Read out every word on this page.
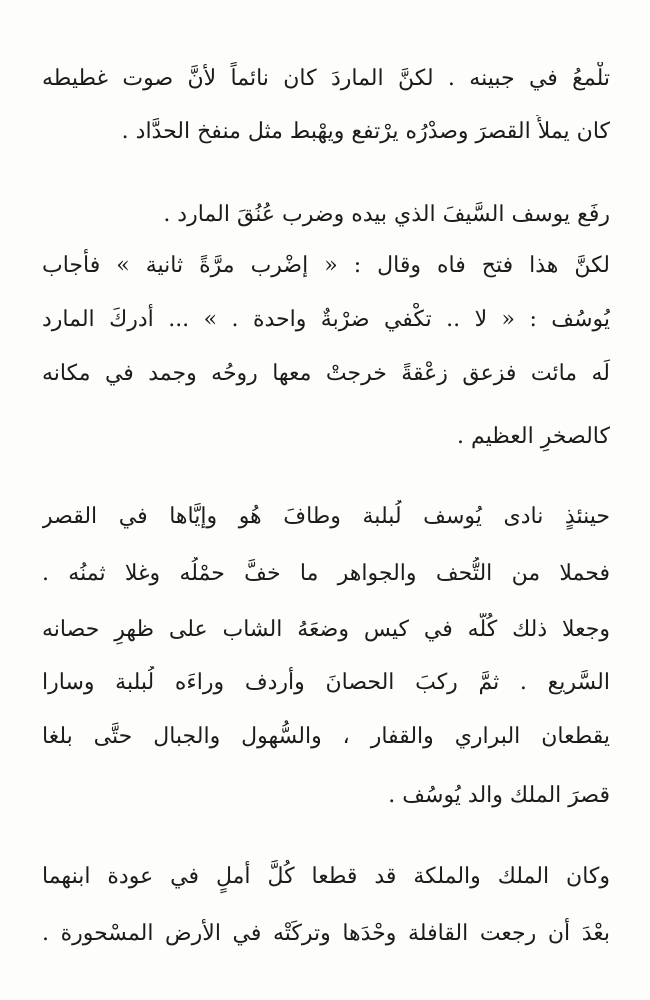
تلْمعُ في جبينه . لكنَّ الماردَ كان نائماً لأنَّ صوت غطيطه
كان يملأُ القصرَ وصدْرُه يرْتفع ويهْبط مثل منفخ الحدَّاد .
رفَع يوسف السَّيفَ الذي بيده وضرب عُنُقَ المارد .
لكنَّ هذا فتح فاه وقال : « إضْرب مرَّةً ثانية » فأجاب
يُوسُف : « لا .. تكْفي ضرْبةٌ واحدة . » ... أدركَ المارد
لَه مائت فزعق زعْقةً خرجتْ معها روحُه وجمد في مكانه
كالصخرِ العظيم .
حينئذٍ نادى يُوسف لُبلبة وطافَ هُو وإيَّاها في القصر
فحملا من التُّحف والجواهر ما خفَّ حمْلُه وغلا ثمنُه .
وجعلا ذلك كُلَّه في كيس وضعَهُ الشاب على ظهرِ حصانه
السَّريع . ثمَّ ركبَ الحصانَ وأردف وراءَه لُبلبة وسارا
يقطعان البراري والقفار ، والسُّهول والجبال حتَّى بلغا
قصرَ الملك والد يُوسُف .
وكان الملك والملكة قد قطعا كُلَّ أملٍ في عودة ابنهما
بعْدَ أن رجعت القافلة وحْدَها وتركَتْه في الأرض المسْحورة .
